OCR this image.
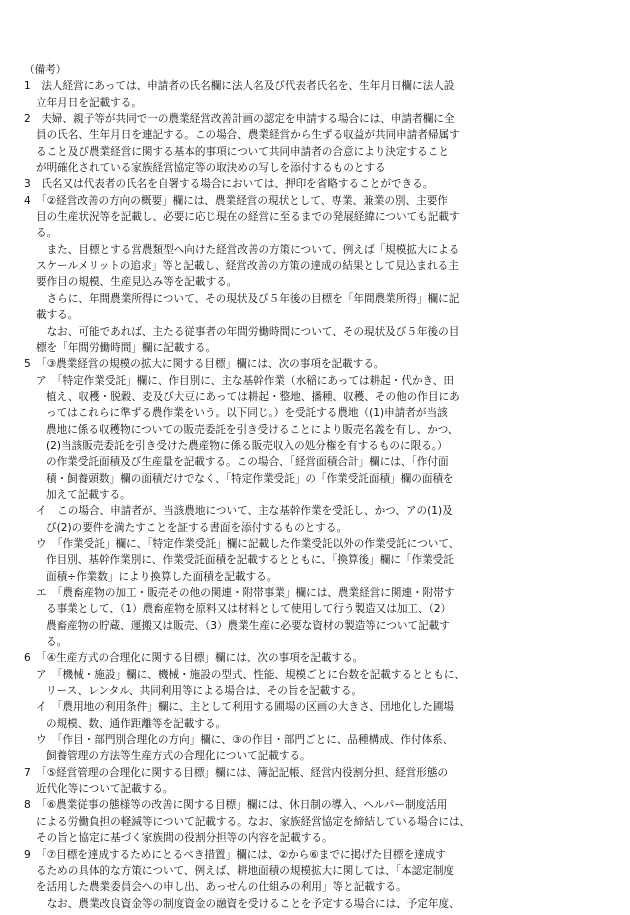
（備考）
1　法人経営にあっては、申請者の氏名欄に法人名及び代表者氏名を、生年月日欄に法人設
立年月日を記載する。
2　夫婦、親子等が共同で一の農業経営改善計画の認定を申請する場合には、申請者欄に全
員の氏名、生年月日を連記する。この場合、農業経営から生ずる収益が共同申請者帰属す
ること及び農業経営に関する基本的事項について共同申請者の合意により決定すること
が明確化されている家族経営協定等の取決めの写しを添付するものとする
3　氏名又は代表者の氏名を自署する場合においては、押印を省略することができる。
4　「②経営改善の方向の概要」欄には、農業経営の現状として、専業、兼業の別、主要作
目の生産状況等を記載し、必要に応じ現在の経営に至るまでの発展経緯についても記載す
る。
　また、目標とする営農類型へ向けた経営改善の方策について、例えば「規模拡大による
スケールメリットの追求」等と記載し、経営改善の方策の達成の結果として見込まれる主
要作目の規模、生産見込み等を記載する。
　さらに、年間農業所得について、その現状及び５年後の目標を「年間農業所得」欄に記
載する。
　なお、可能であれば、主たる従事者の年間労働時間について、その現状及び５年後の目
標を「年間労働時間」欄に記載する。
5　「③農業経営の規模の拡大に関する目標」欄には、次の事項を記載する。
ア　「特定作業受託」欄に、作目別に、主な基幹作業（水稲にあっては耕起・代かき、田
植え、収穫・脱穀、麦及び大豆にあっては耕起・整地、播種、収穫、その他の作目にあ
ってはこれらに準ずる農作業をいう。以下同じ。）を受託する農地（(1)申請者が当該
農地に係る収穫物についての販売委託を引き受けることにより販売名義を有し、かつ、
(2)当該販売委託を引き受けた農産物に係る販売収入の処分権を有するものに限る。）
の作業受託面積及び生産量を記載する。この場合、「経営面積合計」欄には、「作付面
積・飼養頭数」欄の面積だけでなく、「特定作業受託」の「作業受託面積」欄の面積を
加えて記載する。
イ　この場合、申請者が、当該農地について、主な基幹作業を受託し、かつ、アの(1)及
び(2)の要件を満たすことを証する書面を添付するものとする。
ウ　「作業受託」欄に、「特定作業受託」欄に記載した作業受託以外の作業受託について、
作目別、基幹作業別に、作業受託面積を記載するとともに、「換算後」欄に「作業受託
面積÷作業数」により換算した面積を記載する。
エ　「農畜産物の加工・販売その他の関連・附帯事業」欄には、農業経営に関連・附帯す
る事業として、（1）農畜産物を原料又は材料として使用して行う製造又は加工、（2）
農畜産物の貯蔵、運搬又は販売、（3）農業生産に必要な資材の製造等について記載す
る。
6　「④生産方式の合理化に関する目標」欄には、次の事項を記載する。
ア　「機械・施設」欄に、機械・施設の型式、性能、規模ごとに台数を記載するとともに、
リース、レンタル、共同利用等による場合は、その旨を記載する。
イ　「農用地の利用条件」欄に、主として利用する圃場の区画の大きさ、団地化した圃場
の規模、数、通作距離等を記載する。
ウ　「作目・部門別合理化の方向」欄に、③の作目・部門ごとに、品種構成、作付体系、
飼養管理の方法等生産方式の合理化について記載する。
7　「⑤経営管理の合理化に関する目標」欄には、簿記記帳、経営内役割分担、経営形態の
近代化等について記載する。
8　「⑥農業従事の態様等の改善に関する目標」欄には、休日制の導入、ヘルパー制度活用
による労働負担の軽減等について記載する。なお、家族経営協定を締結している場合には、
その旨と協定に基づく家族間の役割分担等の内容を記載する。
9　「⑦目標を達成するためにとるべき措置」欄には、②から⑥までに掲げた目標を達成す
るための具体的な方策について、例えば、耕地面積の規模拡大に関しては、「本認定制度
を活用した農業委員会への申し出、あっせんの仕組みの利用」等と記載する。
　なお、農業改良資金等の制度資金の融資を受けることを予定する場合には、予定年度、
